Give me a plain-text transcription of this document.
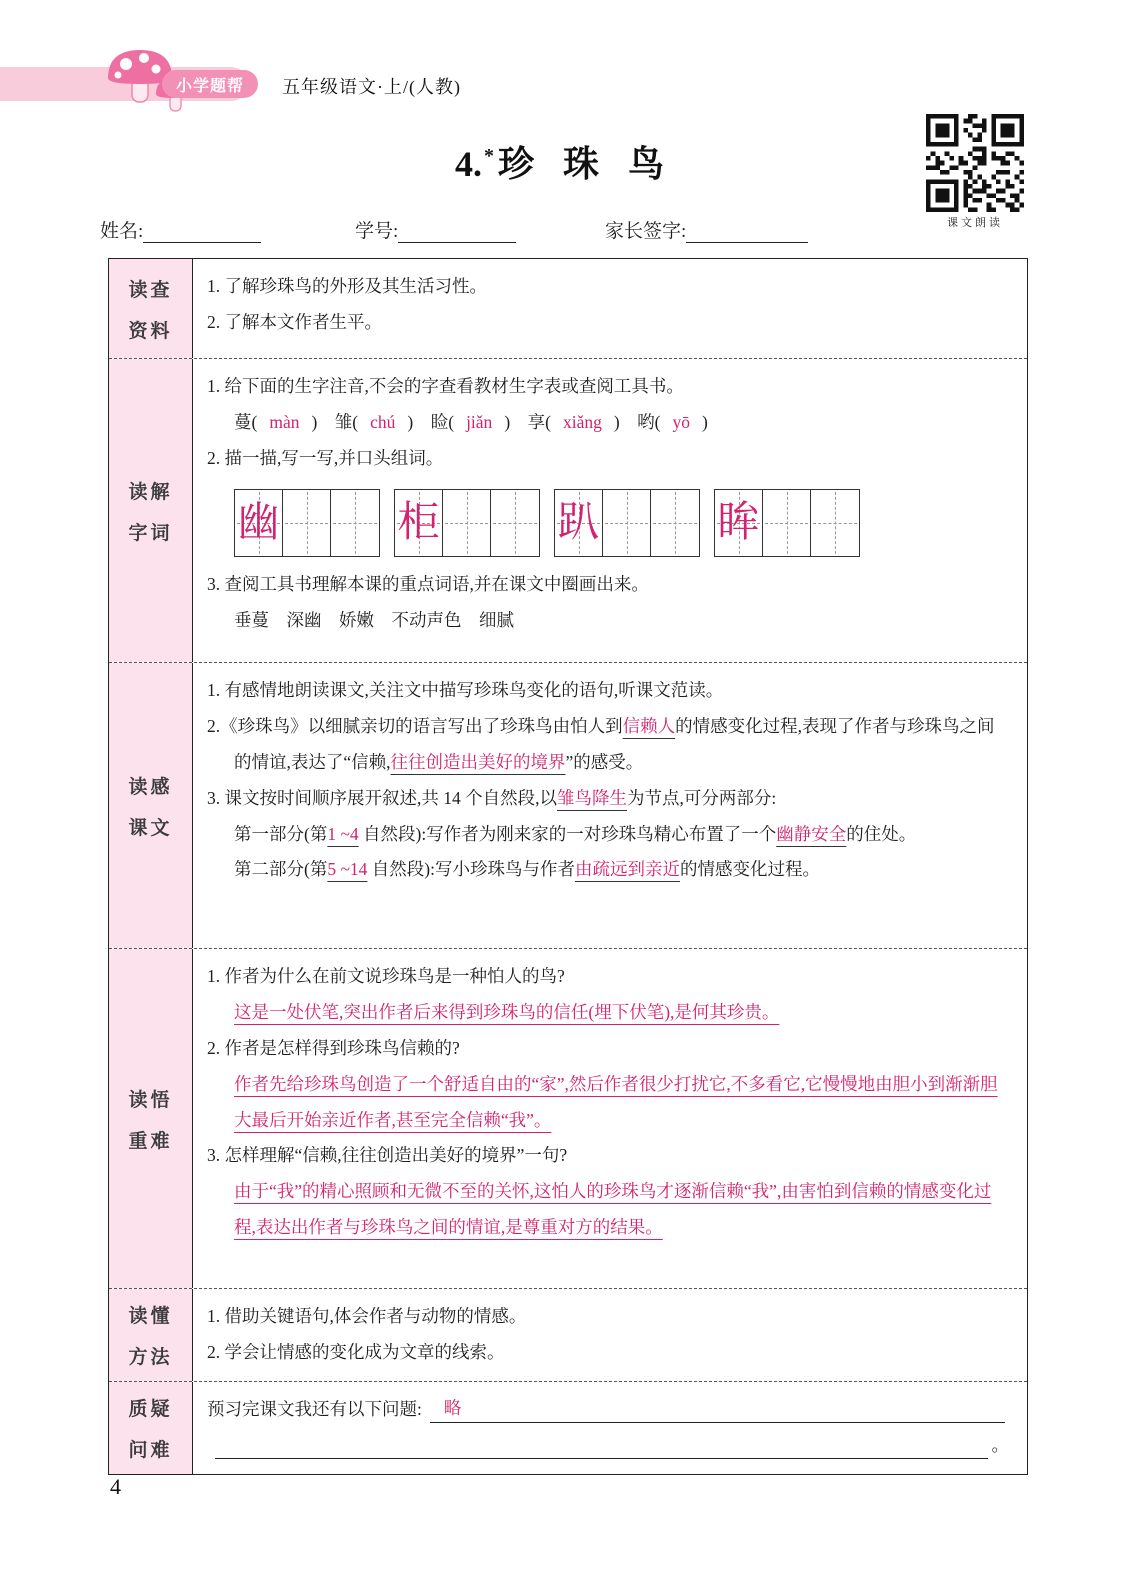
小学题帮 五年级语文·上/(人教)
4. * 珍 珠 鸟
课文朗读
姓名:	学号:	家长签字:
读查
资料
1. 了解珍珠鸟的外形及其生活习性。
2. 了解本文作者生平。
读解
字词
1. 给下面的生字注音,不会的字查看教材生字表或查阅工具书。
蔓( màn )　雏( chú )　睑( jiǎn )　享( xiǎng )　哟( yō )
2. 描一描,写一写,并口头组词。
幽	柜	趴	眸
3. 查阅工具书理解本课的重点词语,并在课文中圈画出来。
垂蔓　深幽　娇嫩　不动声色　细腻
读感
课文
1. 有感情地朗读课文,关注文中描写珍珠鸟变化的语句,听课文范读。
2.《珍珠鸟》以细腻亲切的语言写出了珍珠鸟由怕人到信赖人的情感变化过程,表现了作者与珍珠鸟之间的情谊,表达了“信赖,往往创造出美好的境界”的感受。
3. 课文按时间顺序展开叙述,共 14 个自然段,以雏鸟降生为节点,可分两部分:
第一部分(第1 ~4 自然段):写作者为刚来家的一对珍珠鸟精心布置了一个幽静安全的住处。
第二部分(第5 ~14 自然段):写小珍珠鸟与作者由疏远到亲近的情感变化过程。
读悟
重难
1. 作者为什么在前文说珍珠鸟是一种怕人的鸟?
这是一处伏笔,突出作者后来得到珍珠鸟的信任(埋下伏笔),是何其珍贵。
2. 作者是怎样得到珍珠鸟信赖的?
作者先给珍珠鸟创造了一个舒适自由的“家”,然后作者很少打扰它,不多看它,它慢慢地由胆小到渐渐胆大最后开始亲近作者,甚至完全信赖“我”。
3. 怎样理解“信赖,往往创造出美好的境界”一句?
由于“我”的精心照顾和无微不至的关怀,这怕人的珍珠鸟才逐渐信赖“我”,由害怕到信赖的情感变化过程,表达出作者与珍珠鸟之间的情谊,是尊重对方的结果。
读懂
方法
1. 借助关键语句,体会作者与动物的情感。
2. 学会让情感的变化成为文章的线索。
质疑
问难
预习完课文我还有以下问题:	略
。
4
